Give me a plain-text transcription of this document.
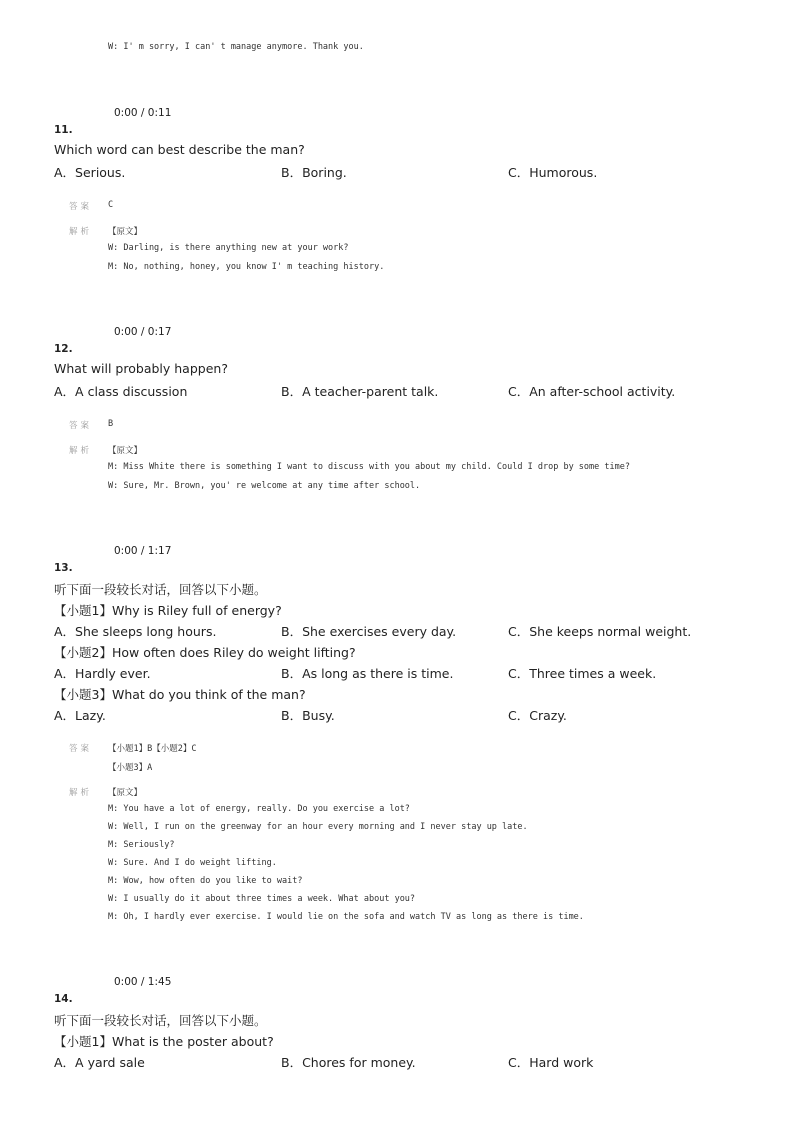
W: I' m sorry, I can' t manage anymore. Thank you.
0:00 / 0:11
11.
Which word can best describe the man?
A．Serious.	B．Boring.	C．Humorous.
答案 C
解析 【原文】
W: Darling, is there anything new at your work?
M: No, nothing, honey, you know I' m teaching history.
0:00 / 0:17
12.
What will probably happen?
A．A class discussion	B．A teacher-parent talk.	C．An after-school activity.
答案 B
解析 【原文】
M: Miss White there is something I want to discuss with you about my child. Could I drop by some time?
W: Sure, Mr. Brown, you' re welcome at any time after school.
0:00 / 1:17
13.
听下面一段较长对话，回答以下小题。
【小题1】Why is Riley full of energy?
A．She sleeps long hours.	B．She exercises every day.	C．She keeps normal weight.
【小题2】How often does Riley do weight lifting?
A．Hardly ever.	B．As long as there is time.	C．Three times a week.
【小题3】What do you think of the man?
A．Lazy.	B．Busy.	C．Crazy.
答案 【小题1】B【小题2】C
【小题3】A
解析 【原文】
M: You have a lot of energy, really. Do you exercise a lot?
W: Well, I run on the greenway for an hour every morning and I never stay up late.
M: Seriously?
W: Sure. And I do weight lifting.
M: Wow, how often do you like to wait?
W: I usually do it about three times a week. What about you?
M: Oh, I hardly ever exercise. I would lie on the sofa and watch TV as long as there is time.
0:00 / 1:45
14.
听下面一段较长对话，回答以下小题。
【小题1】What is the poster about?
A．A yard sale	B．Chores for money.	C．Hard work
